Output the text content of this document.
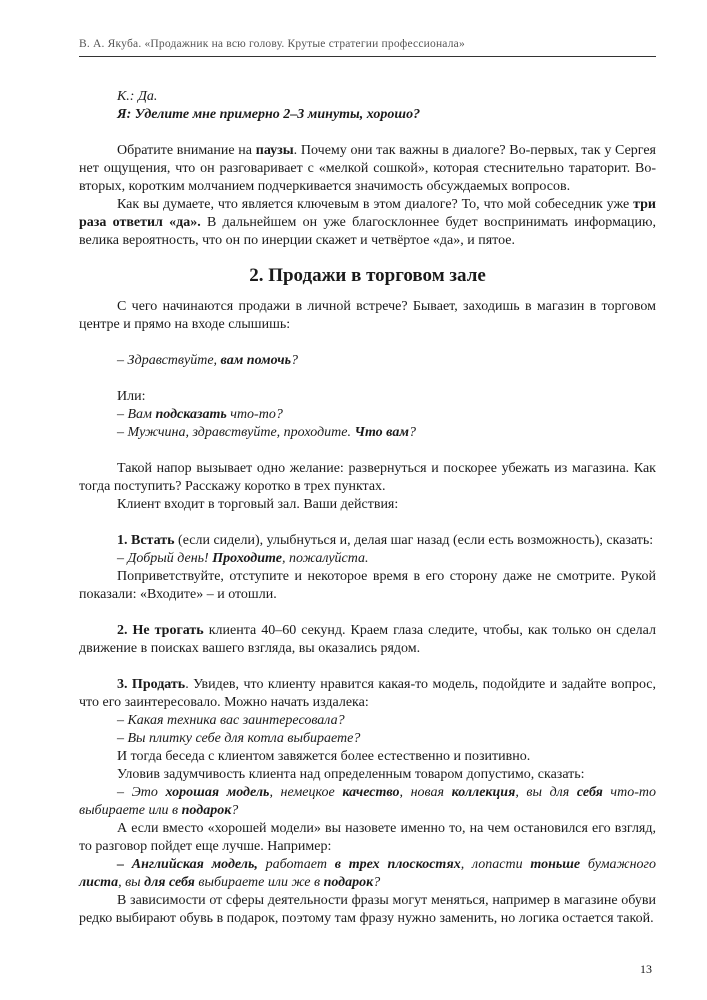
В. А. Якуба. «Продажник на всю голову. Крутые стратегии профессионала»

К.: Да.

Я: Уделите мне примерно 2–3 минуты, хорошо?

Обратите внимание на паузы. Почему они так важны в диалоге? Во-первых, так у Сергея нет ощущения, что он разговаривает с «мелкой сошкой», которая стеснительно тараторит. Во-вторых, коротким молчанием подчеркивается значимость обсуждаемых вопросов.

Как вы думаете, что является ключевым в этом диалоге? То, что мой собеседник уже три раза ответил «да». В дальнейшем он уже благосклоннее будет воспринимать информацию, велика вероятность, что он по инерции скажет и четвёртое «да», и пятое.

2. Продажи в торговом зале

С чего начинаются продажи в личной встрече? Бывает, заходишь в магазин в торговом центре и прямо на входе слышишь:

– Здравствуйте, вам помочь?

Или:

– Вам подсказать что-то?

– Мужчина, здравствуйте, проходите. Что вам?

Такой напор вызывает одно желание: развернуться и поскорее убежать из магазина. Как тогда поступить? Расскажу коротко в трех пунктах.

Клиент входит в торговый зал. Ваши действия:

1. Встать (если сидели), улыбнуться и, делая шаг назад (если есть возможность), сказать:

– Добрый день! Проходите, пожалуйста.

Поприветствуйте, отступите и некоторое время в его сторону даже не смотрите. Рукой показали: «Входите» – и отошли.

2. Не трогать клиента 40–60 секунд. Краем глаза следите, чтобы, как только он сделал движение в поисках вашего взгляда, вы оказались рядом.

3. Продать. Увидев, что клиенту нравится какая-то модель, подойдите и задайте вопрос, что его заинтересовало. Можно начать издалека:

– Какая техника вас заинтересовала?

– Вы плитку себе для котла выбираете?

И тогда беседа с клиентом завяжется более естественно и позитивно.

Уловив задумчивость клиента над определенным товаром допустимо, сказать:

– Это хорошая модель, немецкое качество, новая коллекция, вы для себя что-то выбираете или в подарок?

А если вместо «хорошей модели» вы назовете именно то, на чем остановился его взгляд, то разговор пойдет еще лучше. Например:

– Английская модель, работает в трех плоскостях, лопасти тоньше бумажного листа, вы для себя выбираете или же в подарок?

В зависимости от сферы деятельности фразы могут меняться, например в магазине обуви редко выбирают обувь в подарок, поэтому там фразу нужно заменить, но логика остается такой.

13
